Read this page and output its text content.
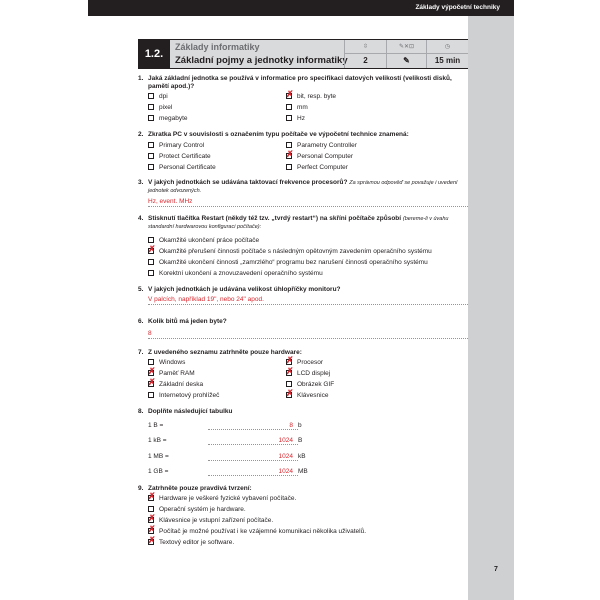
Základy výpočetní techniky
1.2.
Základy informatiky
Základní pojmy a jednotky informatiky
⇳
2
✎✕⊡
✎
◷
15 min
1. Jaká základní jednotka se používá v informatice pro specifikaci datových velikostí (velikosti disků, pamětí apod.)?
dpi ✗	bit, resp. byte
pixel	mm
megabyte	Hz
2. Zkratka PC v souvislosti s označením typu počítače ve výpočetní technice znamená:
Primary Control	Parametry Controller
Protect Certificate ✗	Personal Computer
Personal Certificate	Perfect Computer
3. V jakých jednotkách se udávána taktovací frekvence procesorů? Za správnou odpověď se považuje i uvedení jednotek odvozených.
Hz, event. MHz
4. Stisknutí tlačítka Restart (někdy též tzv. „tvrdý restart“) na skříni počítače způsobí (bereme-li v úvahu standardní hardwarovou konfiguraci počítače):
Okamžité ukončení práce počítače
✗Okamžité přerušení činnosti počítače s následným opětovným zavedením operačního systému
Okamžité ukončení činnosti „zamrzlého“ programu bez narušení činnosti operačního systému
Korektní ukončení a znovuzavedení operačního systému
5. V jakých jednotkách je udávána velikost úhlopříčky monitoru?
V palcích, například 19", nebo 24" apod.
6. Kolik bitů má jeden byte?
8
7. Z uvedeného seznamu zatrhněte pouze hardware:
Windows ✗	Procesor
✗Paměť RAM ✗	LCD displej
✗Základní deska	Obrázek GIF
Internetový prohlížeč ✗	Klávesnice
8. Doplňte následující tabulku
1 B =	8 b
1 kB =	1024 B
1 MB =	1024 kB
1 GB =	1024 MB
9. Zatrhněte pouze pravdivá tvrzení:
✗Hardware je veškeré fyzické vybavení počítače.
Operační systém je hardware.
✗Klávesnice je vstupní zařízení počítače.
✗Počítač je možné používat i ke vzájemné komunikaci několika uživatelů.
✗Textový editor je software.
7
